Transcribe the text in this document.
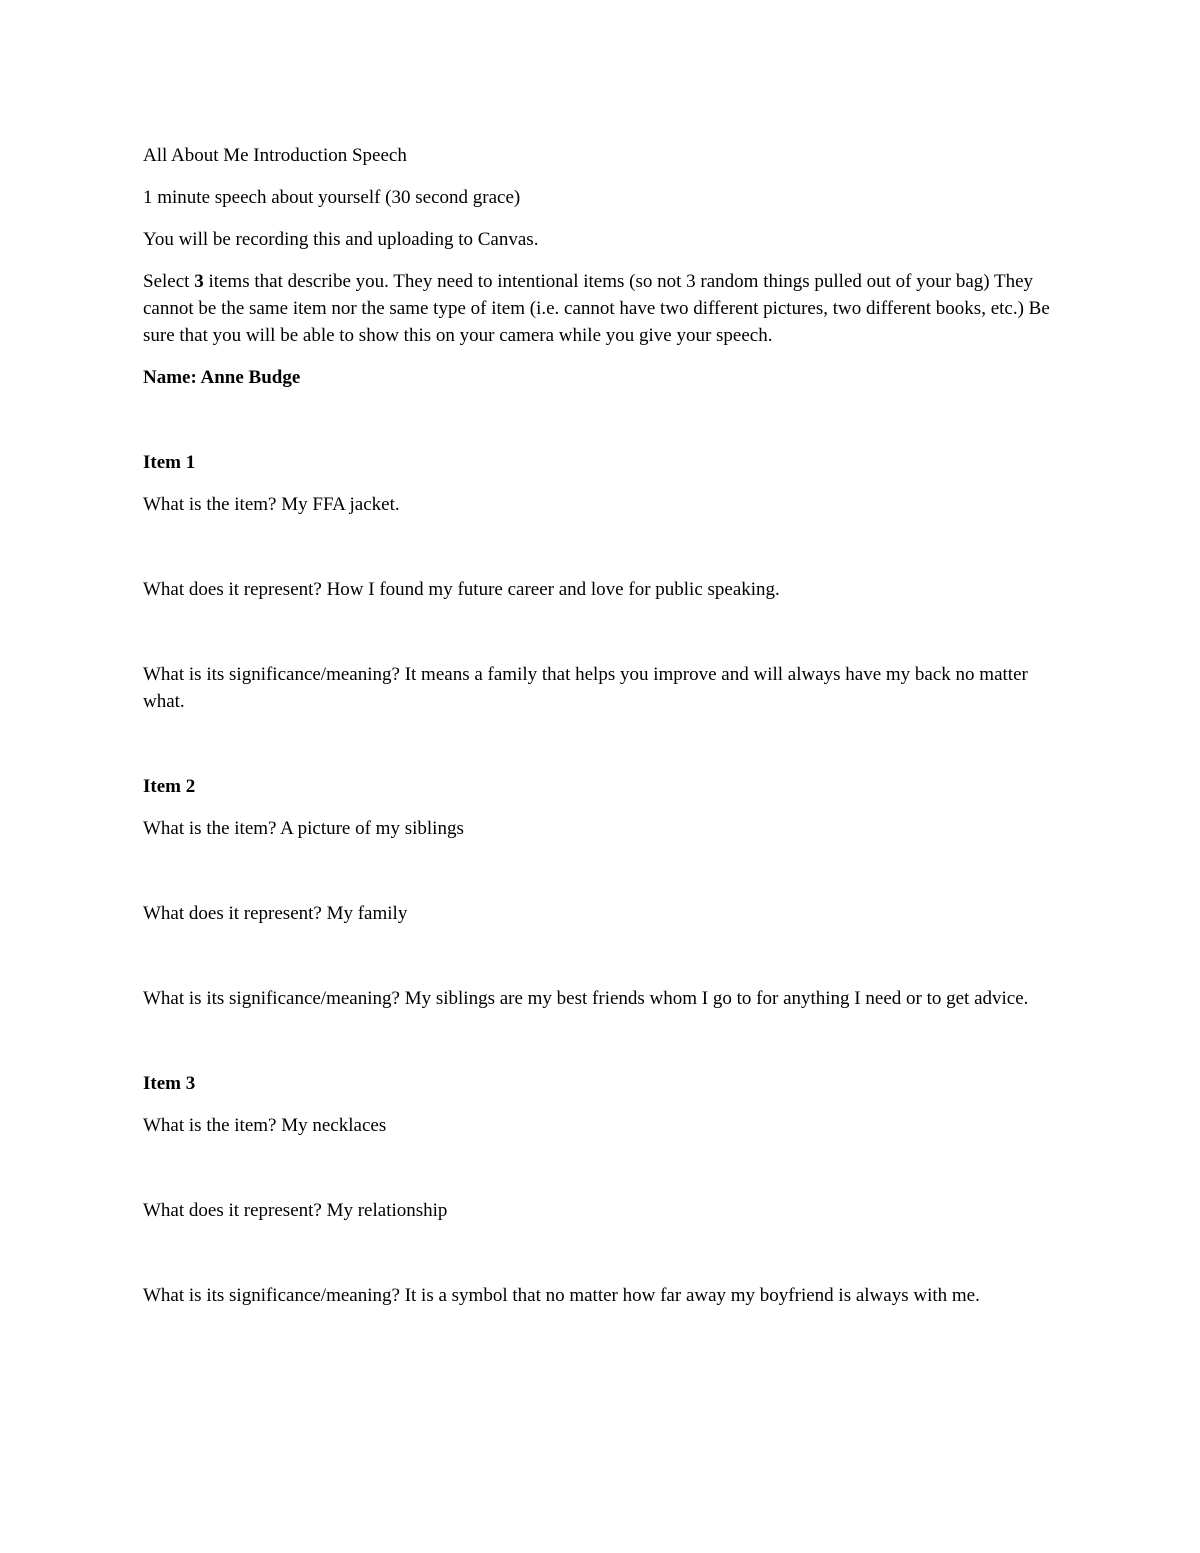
All About Me Introduction Speech

1 minute speech about yourself (30 second grace)

You will be recording this and uploading to Canvas.

Select 3 items that describe you. They need to intentional items (so not 3 random things pulled out of your bag) They cannot be the same item nor the same type of item (i.e. cannot have two different pictures, two different books, etc.) Be sure that you will be able to show this on your camera while you give your speech.

Name: Anne Budge

Item 1

What is the item? My FFA jacket.

What does it represent? How I found my future career and love for public speaking.

What is its significance/meaning? It means a family that helps you improve and will always have my back no matter what.

Item 2

What is the item? A picture of my siblings

What does it represent? My family

What is its significance/meaning? My siblings are my best friends whom I go to for anything I need or to get advice.

Item 3

What is the item? My necklaces

What does it represent? My relationship

What is its significance/meaning? It is a symbol that no matter how far away my boyfriend is always with me.
